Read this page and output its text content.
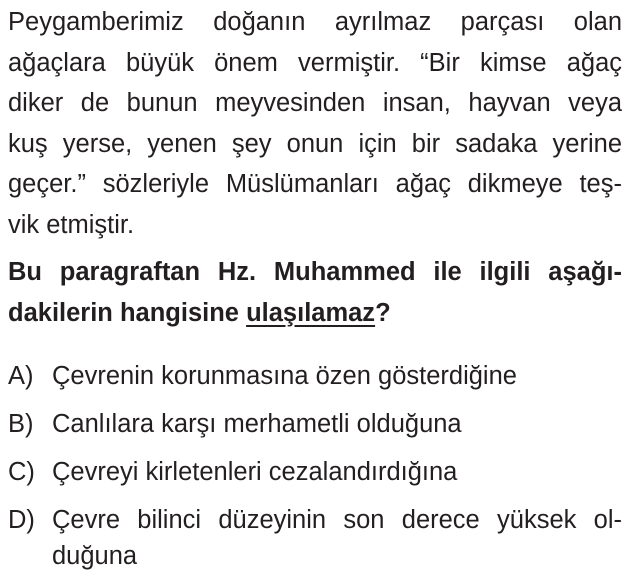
Peygamberimiz doğanın ayrılmaz parçası olan
ağaçlara büyük önem vermiştir. “Bir kimse ağaç
diker de bunun meyvesinden insan, hayvan veya
kuş yerse, yenen şey onun için bir sadaka yerine
geçer.” sözleriyle Müslümanları ağaç dikmeye teş-
vik etmiştir.
Bu paragraftan Hz. Muhammed ile ilgili aşağı-
dakilerin hangisine ulaşılamaz?
A) Çevrenin korunmasına özen gösterdiğine
B) Canlılara karşı merhametli olduğuna
C) Çevreyi kirletenleri cezalandırdığına
D) Çevre bilinci düzeyinin son derece yüksek ol-
duğuna
